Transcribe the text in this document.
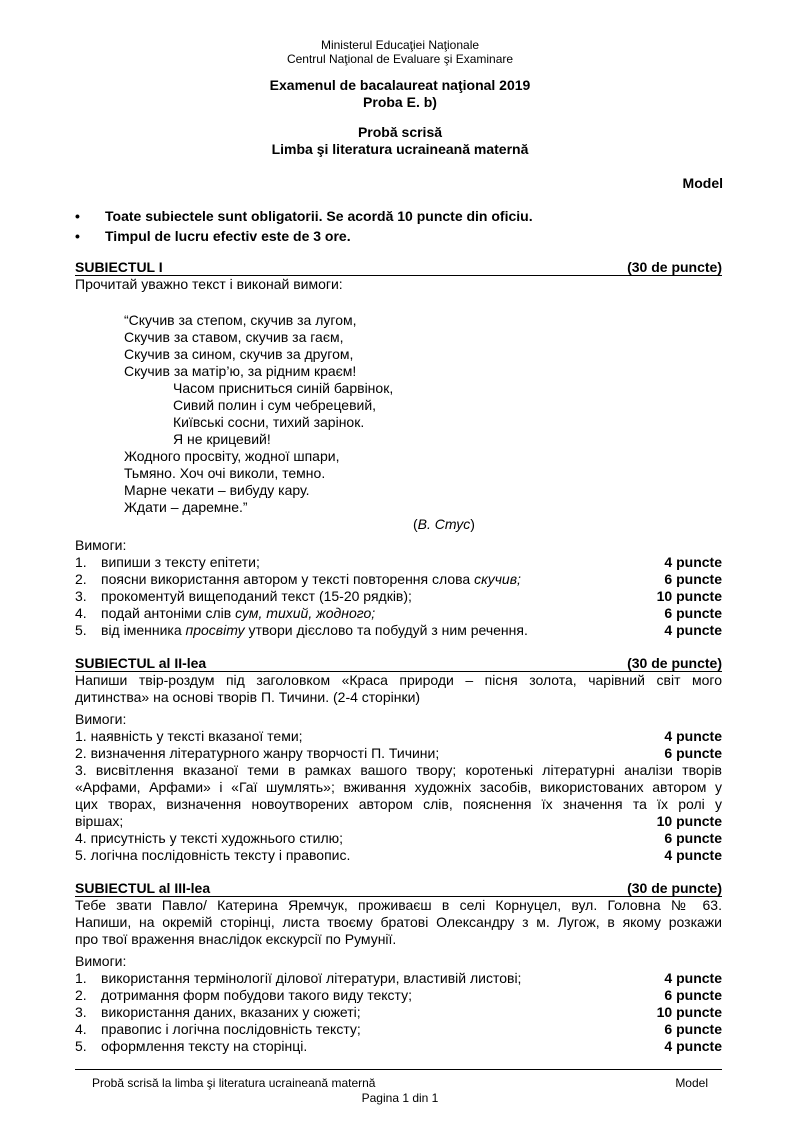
Ministerul Educaţiei Naţionale
Centrul Naţional de Evaluare şi Examinare
Examenul de bacalaureat naţional 2019
Proba E. b)
Probă scrisă
Limba şi literatura ucraineană maternă
Model
• Toate subiectele sunt obligatorii. Se acordă 10 puncte din oficiu.
• Timpul de lucru efectiv este de 3 ore.
SUBIECTUL I	(30 de puncte)
Прочитай уважно текст і виконай вимоги:
“Скучив за степом, скучив за лугом,
Скучив за ставом, скучив за гаєм,
Скучив за сином, скучив за другом,
Скучив за матір’ю, за рідним краєм!
Часом присниться синій барвінок,
Сивий полин і сум чебрецевий,
Київські сосни, тихий зарінок.
Я не крицевий!
Жодного просвіту, жодної шпари,
Тьмяно. Хоч очі виколи, темно.
Марне чекати – вибуду кару.
Ждати – даремне.”
(В. Стус)
Вимоги:
1. випиши з тексту епітети;	4 puncte
2. поясни використання автором у тексті повторення слова скучив;	6 puncte
3. прокоментуй вищеподаний текст (15-20 рядків);	10 puncte
4. подай антоніми слів сум, тихий, жодного;	6 puncte
5. від іменника просвіту утвори дієслово та побудуй з ним речення.	4 puncte
SUBIECTUL al II-lea	(30 de puncte)
Напиши твір-роздум під заголовком «Краса природи – пісня золота, чарівний світ мого
дитинства» на основі творів П. Тичини. (2-4 сторінки)
Вимоги:
1. наявність у тексті вказаної теми;	4 puncte
2. визначення літературного жанру творчості П. Тичини;	6 puncte
3. висвітлення вказаної теми в рамках вашого твору; коротенькі літературні аналізи творів
«Арфами, Арфами» і «Гаї шумлять»; вживання художніх засобів, використованих автором у
цих творах, визначення новоутворених автором слів, пояснення їх значення та їх ролі у
віршах;	10 puncte
4. присутність у тексті художнього стилю;	6 puncte
5. логічна послідовність тексту і правопис.	4 puncte
SUBIECTUL al III-lea	(30 de puncte)
Тебе звати Павло/ Катерина Яремчук, проживаєш в селі Корнуцел, вул. Головна № 63.
Напиши, на окремій сторінці, листа твоєму братові Олександру з м. Лугож, в якому розкажи
про твої враження внаслідок екскурсії по Румунії.
Вимоги:
1. використання термінології ділової літератури, властивій листові;	4 puncte
2. дотримання форм побудови такого виду тексту;	6 puncte
3. використання даних, вказаних у сюжеті;	10 puncte
4. правопис і логічна послідовність тексту;	6 puncte
5. оформлення тексту на сторінці.	4 puncte
Probă scrisă la limba şi literatura ucraineană maternă	Model
Pagina 1 din 1
